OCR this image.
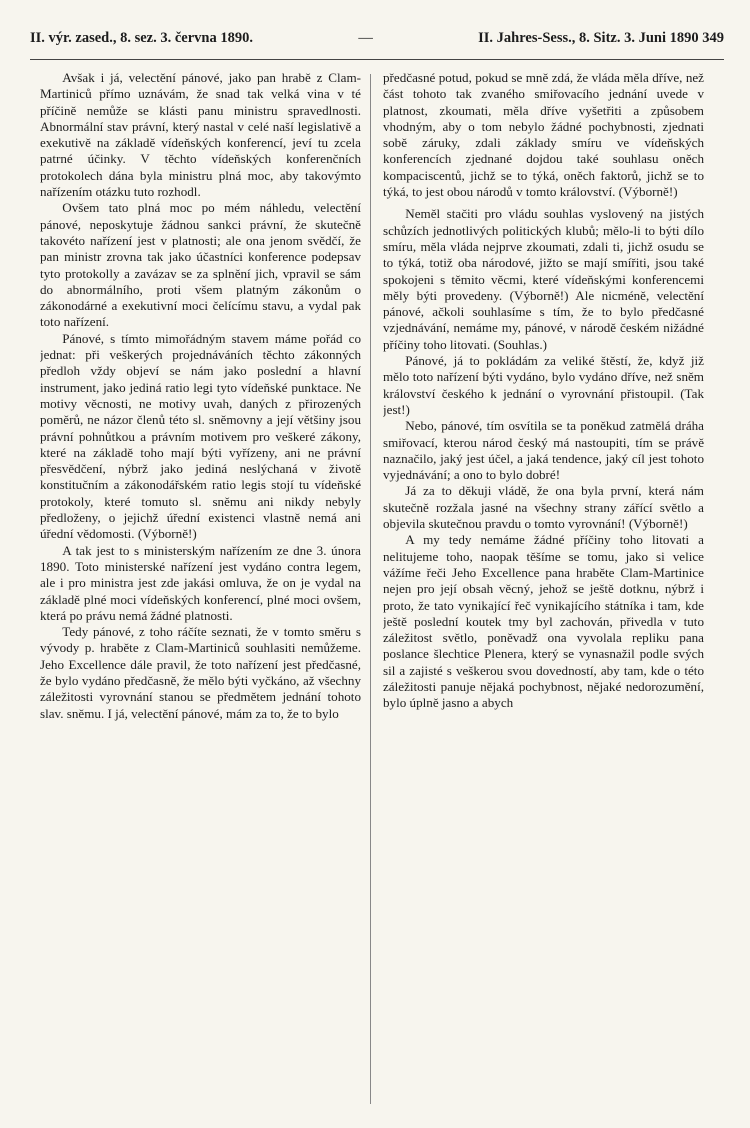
II. výr. zased., 8. sez. 3. června 1890.	—	II. Jahres-Sess., 8. Sitz. 3. Juni 1890 349

Avšak i já, velectění pánové, jako pan hrabě z Clam-Martiniců přímo uznávám, že snad tak velká vina v té příčině nemůže se klásti panu ministru spravedlnosti. Abnormální stav právní, který nastal v celé naší legislativě a exekutivě na základě vídeňských konferencí, jeví tu zcela patrné účinky. V těchto vídeňských konferenčních protokolech dána byla ministru plná moc, aby takovýmto nařízením otázku tuto rozhodl.

Ovšem tato plná moc po mém náhledu, velectění pánové, neposkytuje žádnou sankci právní, že skutečně takovéto nařízení jest v platnosti; ale ona jenom svědčí, že pan ministr zrovna tak jako účastníci konference podepsav tyto protokolly a zavázav se za splnění jich, vpravil se sám do abnormálního, proti všem platným zákonům o zákonodárné a exekutivní moci čelícímu stavu, a vydal pak toto nařízení.

Pánové, s tímto mimořádným stavem máme pořád co jednat: při veškerých projednáváních těchto zákonných předloh vždy objeví se nám jako poslední a hlavní instrument, jako jediná ratio legi tyto vídeňské punktace. Ne motivy věcnosti, ne motivy uvah, daných z přirozených poměrů, ne názor členů této sl. sněmovny a její většiny jsou právní pohnůtkou a právním motivem pro veškeré zákony, které na základě toho mají býti vyřízeny, ani ne právní přesvědčení, nýbrž jako jediná neslýchaná v životě konstitučním a zákonodářském ratio legis stojí tu vídeňské protokoly, které tomuto sl. sněmu ani nikdy nebyly předloženy, o jejichž úřední existenci vlastně nemá ani úřední vědomosti. (Výborně!)

A tak jest to s ministerským nařízením ze dne 3. února 1890. Toto ministerské nařízení jest vydáno contra legem, ale i pro ministra jest zde jakási omluva, že on je vydal na základě plné moci vídeňských konferencí, plné moci ovšem, která po právu nemá žádné platnosti.

Tedy pánové, z toho ráčíte seznati, že v tomto směru s vývody p. hraběte z Clam-Martiniců souhlasiti nemůžeme. Jeho Excellence dále pravil, že toto nařízení jest předčasné, že bylo vydáno předčasně, že mělo býti vyčkáno, až všechny záležitosti vyrovnání stanou se předmětem jednání tohoto slav. sněmu. I já, velectění pánové, mám za to, že to bylo

předčasné potud, pokud se mně zdá, že vláda měla dříve, než část tohoto tak zvaného smiřovacího jednání uvede v platnost, zkoumati, měla dříve vyšetřiti a způsobem vhodným, aby o tom nebylo žádné pochybnosti, zjednati sobě záruky, zdali základy smíru ve vídeňských konferencích zjednané dojdou také souhlasu oněch kompaciscentů, jichž se to týká, oněch faktorů, jichž se to týká, to jest obou národů v tomto království. (Výborně!)

Neměl stačiti pro vládu souhlas vyslovený na jistých schůzích jednotlivých politických klubů; mělo-li to býti dílo smíru, měla vláda nejprve zkoumati, zdali ti, jichž osudu se to týká, totiž oba národové, jižto se mají smířiti, jsou také spokojeni s těmito věcmi, které vídeňskými konferencemi měly býti provedeny. (Výborně!) Ale nicméně, velectění pánové, ačkoli souhlasíme s tím, že to bylo předčasné vzjednávání, nemáme my, pánové, v národě českém nižádné příčiny toho litovati. (Souhlas.)

Pánové, já to pokládám za veliké štěstí, že, když již mělo toto nařízení býti vydáno, bylo vydáno dříve, než sněm království českého k jednání o vyrovnání přistoupil. (Tak jest!)

Nebo, pánové, tím osvítila se ta poněkud zatmělá dráha smiřovací, kterou národ český má nastoupiti, tím se právě naznačilo, jaký jest účel, a jaká tendence, jaký cíl jest tohoto vyjednávání; a ono to bylo dobré!

Já za to děkuji vládě, že ona byla první, která nám skutečně rozžala jasné na všechny strany zářící světlo a objevila skutečnou pravdu o tomto vyrovnání! (Výborně!)

A my tedy nemáme žádné příčiny toho litovati a nelitujeme toho, naopak těšíme se tomu, jako si velice vážíme řeči Jeho Excellence pana hraběte Clam-Martinice nejen pro její obsah věcný, jehož se ještě dotknu, nýbrž i proto, že tato vynikající řeč vynikajícího státníka i tam, kde ještě poslední koutek tmy byl zachován, přivedla v tuto záležitost světlo, poněvadž ona vyvolala repliku pana poslance šlechtice Plenera, který se vynasnažil podle svých sil a zajisté s veškerou svou dovedností, aby tam, kde o této záležitosti panuje nějaká pochybnost, nějaké nedorozumění, bylo úplně jasno a abych
